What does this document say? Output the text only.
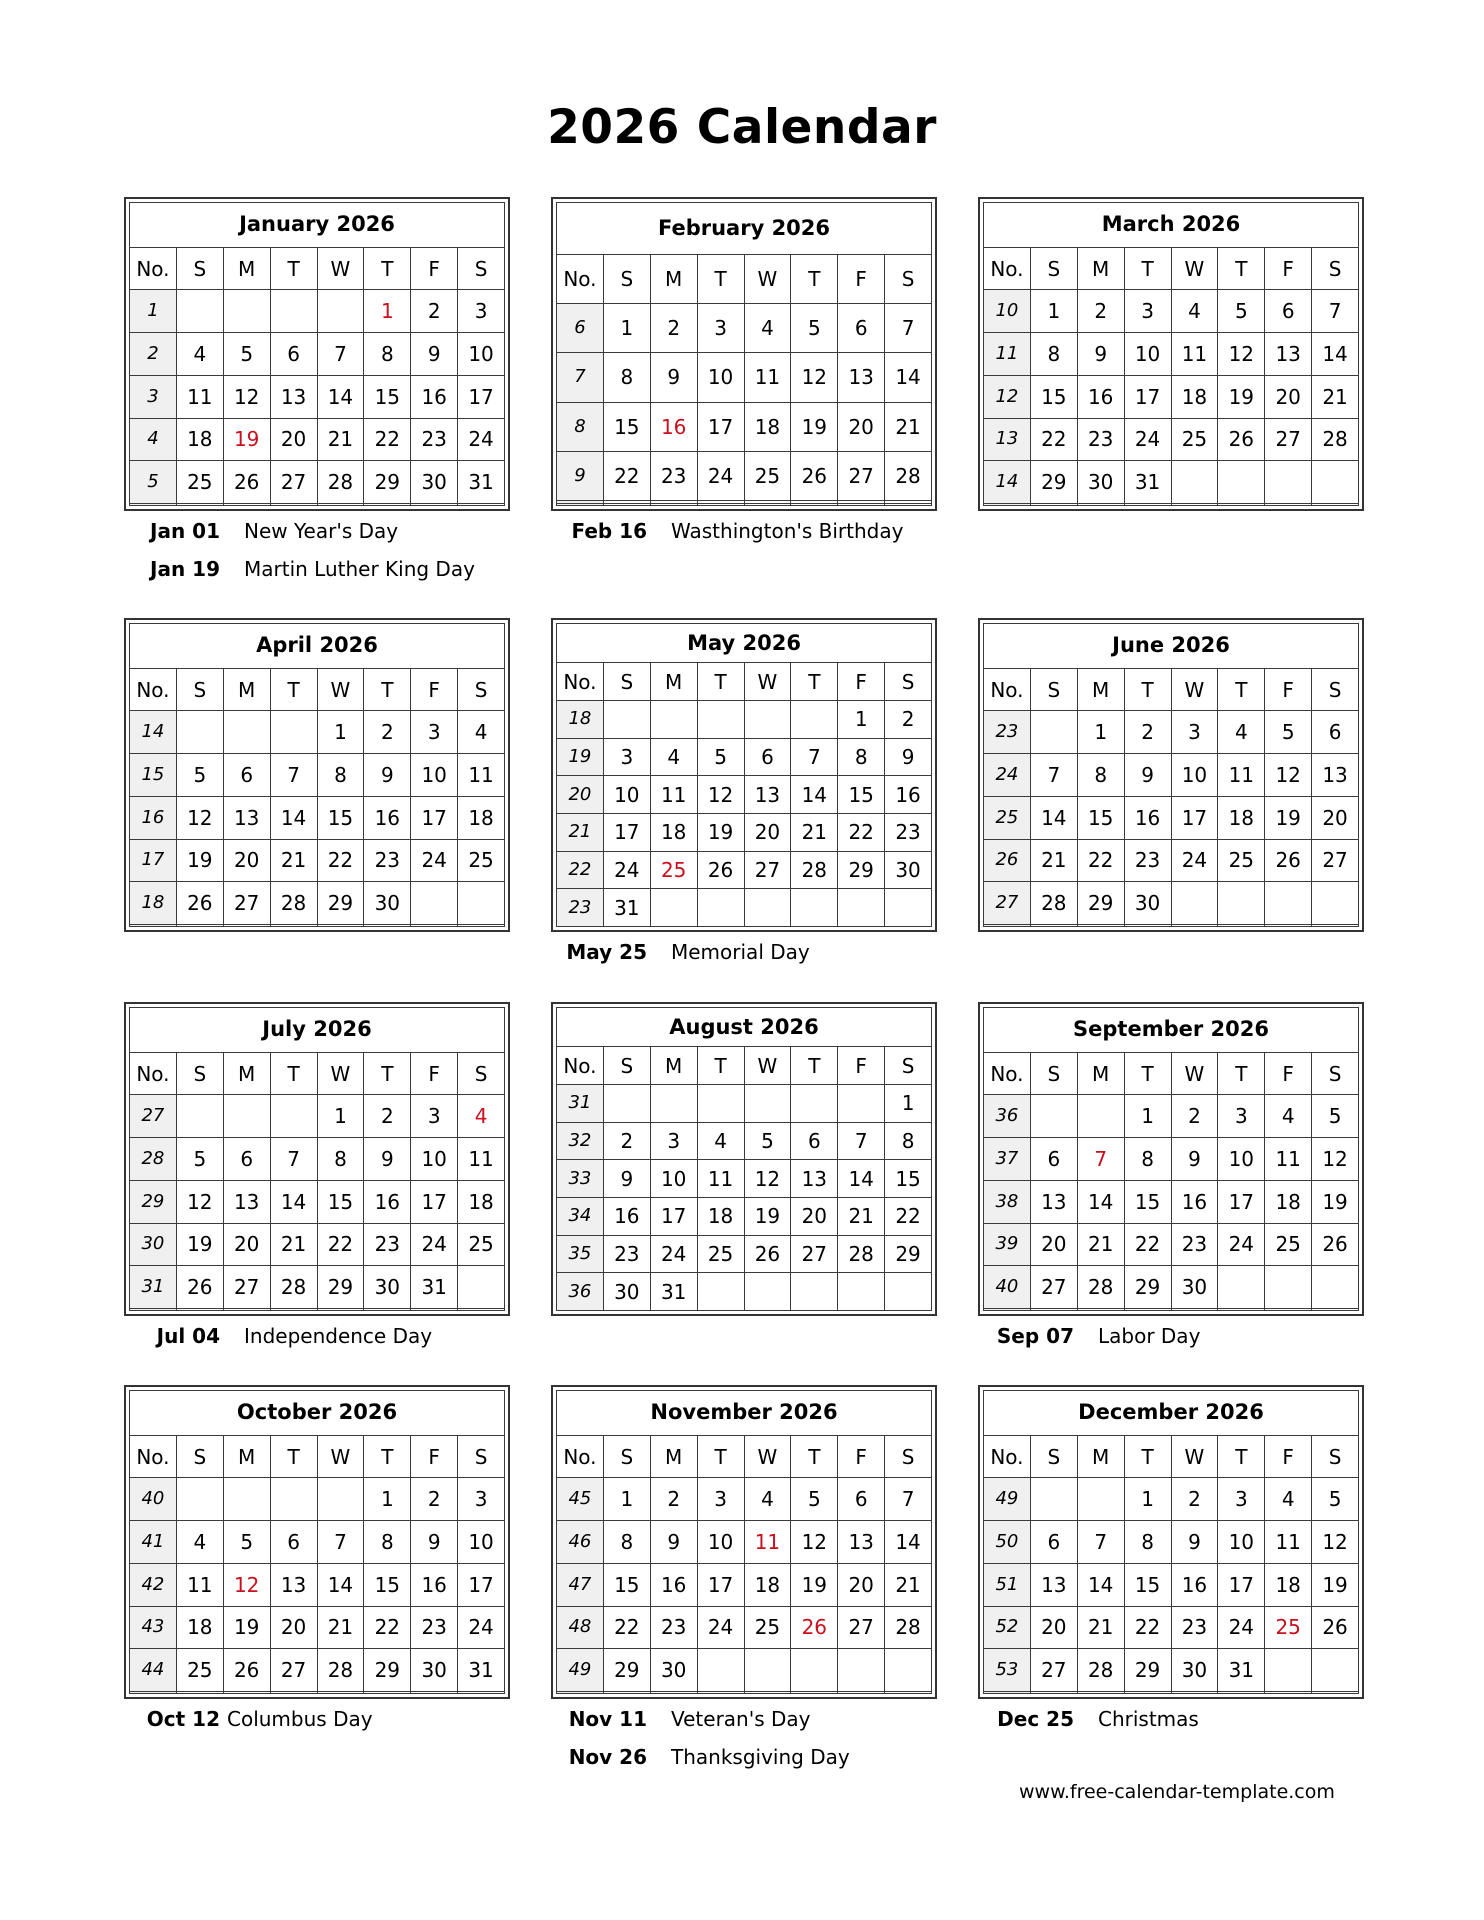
2026 Calendar
January 2026							
No.	S	M	T	W	T	F	S
1					1	2	3
2	4	5	6	7	8	9	10
3	11	12	13	14	15	16	17
4	18	19	20	21	22	23	24
5	25	26	27	28	29	30	31

Jan 01 New Year's Day
Jan 19 Martin Luther King Day
February 2026							
No.	S	M	T	W	T	F	S
6	1	2	3	4	5	6	7
7	8	9	10	11	12	13	14
8	15	16	17	18	19	20	21
9	22	23	24	25	26	27	28

Feb 16 Wasthington's Birthday
March 2026							
No.	S	M	T	W	T	F	S
10	1	2	3	4	5	6	7
11	8	9	10	11	12	13	14
12	15	16	17	18	19	20	21
13	22	23	24	25	26	27	28
14	29	30	31				

April 2026							
No.	S	M	T	W	T	F	S
14				1	2	3	4
15	5	6	7	8	9	10	11
16	12	13	14	15	16	17	18
17	19	20	21	22	23	24	25
18	26	27	28	29	30		

May 2026							
No.	S	M	T	W	T	F	S
18						1	2
19	3	4	5	6	7	8	9
20	10	11	12	13	14	15	16
21	17	18	19	20	21	22	23
22	24	25	26	27	28	29	30
23	31						
May 25 Memorial Day
June 2026							
No.	S	M	T	W	T	F	S
23		1	2	3	4	5	6
24	7	8	9	10	11	12	13
25	14	15	16	17	18	19	20
26	21	22	23	24	25	26	27
27	28	29	30				

July 2026							
No.	S	M	T	W	T	F	S
27				1	2	3	4
28	5	6	7	8	9	10	11
29	12	13	14	15	16	17	18
30	19	20	21	22	23	24	25
31	26	27	28	29	30	31	

Jul 04 Independence Day
August 2026							
No.	S	M	T	W	T	F	S
31							1
32	2	3	4	5	6	7	8
33	9	10	11	12	13	14	15
34	16	17	18	19	20	21	22
35	23	24	25	26	27	28	29
36	30	31					
September 2026							
No.	S	M	T	W	T	F	S
36			1	2	3	4	5
37	6	7	8	9	10	11	12
38	13	14	15	16	17	18	19
39	20	21	22	23	24	25	26
40	27	28	29	30			

Sep 07 Labor Day
October 2026							
No.	S	M	T	W	T	F	S
40					1	2	3
41	4	5	6	7	8	9	10
42	11	12	13	14	15	16	17
43	18	19	20	21	22	23	24
44	25	26	27	28	29	30	31

Oct 12 Columbus Day
November 2026							
No.	S	M	T	W	T	F	S
45	1	2	3	4	5	6	7
46	8	9	10	11	12	13	14
47	15	16	17	18	19	20	21
48	22	23	24	25	26	27	28
49	29	30					

Nov 11 Veteran's Day
Nov 26 Thanksgiving Day
December 2026							
No.	S	M	T	W	T	F	S
49			1	2	3	4	5
50	6	7	8	9	10	11	12
51	13	14	15	16	17	18	19
52	20	21	22	23	24	25	26
53	27	28	29	30	31		

Dec 25 Christmas
www.free-calendar-template.com
